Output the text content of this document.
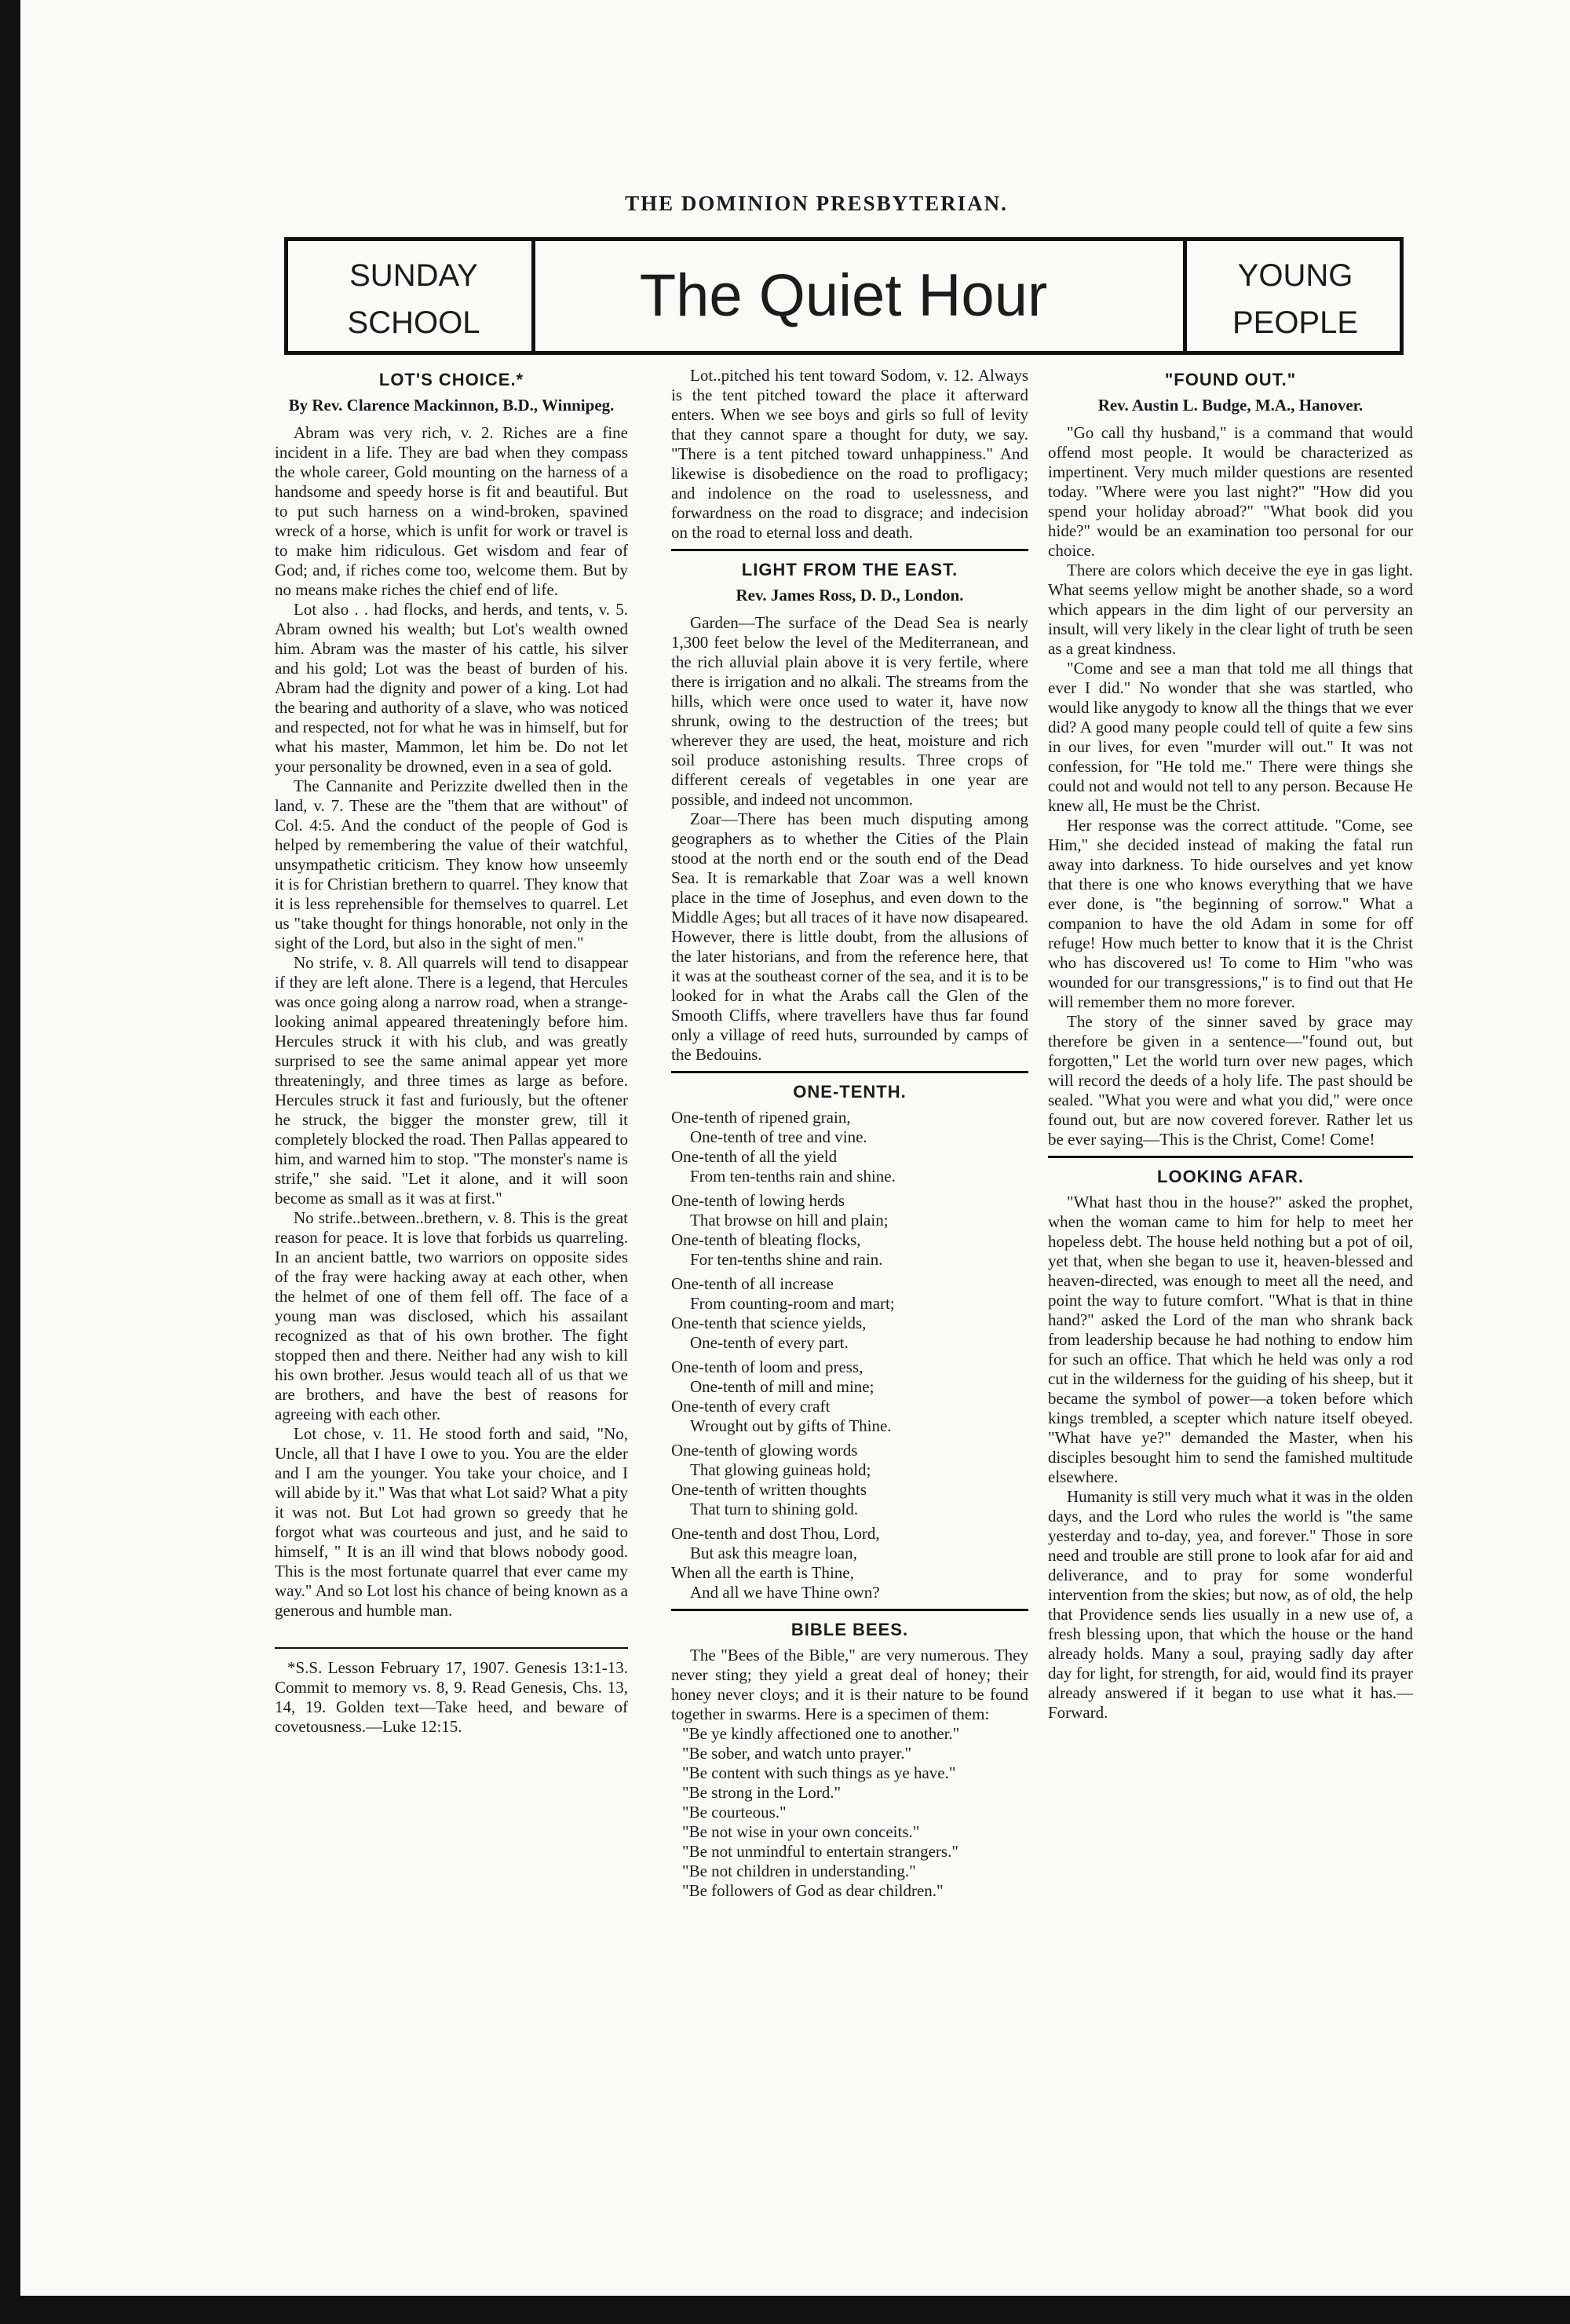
THE DOMINION PRESBYTERIAN.
SUNDAY
SCHOOL	The Quiet Hour	YOUNG
PEOPLE
LOT'S CHOICE.*

By Rev. Clarence Mackinnon, B.D., Winnipeg.

Abram was very rich, v. 2. Riches are a fine incident in a life. They are bad when they compass the whole career, Gold mounting on the harness of a handsome and speedy horse is fit and beautiful. But to put such harness on a wind-broken, spavined wreck of a horse, which is unfit for work or travel is to make him ridiculous. Get wisdom and fear of God; and, if riches come too, welcome them. But by no means make riches the chief end of life.

Lot also . . had flocks, and herds, and tents, v. 5. Abram owned his wealth; but Lot's wealth owned him. Abram was the master of his cattle, his silver and his gold; Lot was the beast of burden of his. Abram had the dignity and power of a king. Lot had the bearing and authority of a slave, who was noticed and respected, not for what he was in himself, but for what his master, Mammon, let him be. Do not let your personality be drowned, even in a sea of gold.

The Cannanite and Perizzite dwelled then in the land, v. 7. These are the "them that are without" of Col. 4:5. And the conduct of the people of God is helped by remembering the value of their watchful, unsympathetic criticism. They know how unseemly it is for Christian brethern to quarrel. They know that it is less reprehensible for themselves to quarrel. Let us "take thought for things honorable, not only in the sight of the Lord, but also in the sight of men."

No strife, v. 8. All quarrels will tend to disappear if they are left alone. There is a legend, that Hercules was once going along a narrow road, when a strange-looking animal appeared threateningly before him. Hercules struck it with his club, and was greatly surprised to see the same animal appear yet more threateningly, and three times as large as before. Hercules struck it fast and furiously, but the oftener he struck, the bigger the monster grew, till it completely blocked the road. Then Pallas appeared to him, and warned him to stop. "The monster's name is strife," she said. "Let it alone, and it will soon become as small as it was at first."

No strife..between..brethern, v. 8. This is the great reason for peace. It is love that forbids us quarreling. In an ancient battle, two warriors on opposite sides of the fray were hacking away at each other, when the helmet of one of them fell off. The face of a young man was disclosed, which his assailant recognized as that of his own brother. The fight stopped then and there. Neither had any wish to kill his own brother. Jesus would teach all of us that we are brothers, and have the best of reasons for agreeing with each other.

Lot chose, v. 11. He stood forth and said, "No, Uncle, all that I have I owe to you. You are the elder and I am the younger. You take your choice, and I will abide by it." Was that what Lot said? What a pity it was not. But Lot had grown so greedy that he forgot what was courteous and just, and he said to himself, " It is an ill wind that blows nobody good. This is the most fortunate quarrel that ever came my way." And so Lot lost his chance of being known as a generous and humble man.

*S.S. Lesson February 17, 1907. Genesis 13:1-13. Commit to memory vs. 8, 9. Read Genesis, Chs. 13, 14, 19. Golden text—Take heed, and beware of covetousness.—Luke 12:15.

Lot..pitched his tent toward Sodom, v. 12. Always is the tent pitched toward the place it afterward enters. When we see boys and girls so full of levity that they cannot spare a thought for duty, we say. "There is a tent pitched toward unhappiness." And likewise is disobedience on the road to profligacy; and indolence on the road to uselessness, and forwardness on the road to disgrace; and indecision on the road to eternal loss and death.

LIGHT FROM THE EAST.

Rev. James Ross, D. D., London.

Garden—The surface of the Dead Sea is nearly 1,300 feet below the level of the Mediterranean, and the rich alluvial plain above it is very fertile, where there is irrigation and no alkali. The streams from the hills, which were once used to water it, have now shrunk, owing to the destruction of the trees; but wherever they are used, the heat, moisture and rich soil produce astonishing results. Three crops of different cereals of vegetables in one year are possible, and indeed not uncommon.

Zoar—There has been much disputing among geographers as to whether the Cities of the Plain stood at the north end or the south end of the Dead Sea. It is remarkable that Zoar was a well known place in the time of Josephus, and even down to the Middle Ages; but all traces of it have now disapeared. However, there is little doubt, from the allusions of the later historians, and from the reference here, that it was at the southeast corner of the sea, and it is to be looked for in what the Arabs call the Glen of the Smooth Cliffs, where travellers have thus far found only a village of reed huts, surrounded by camps of the Bedouins.

ONE-TENTH.
One-tenth of ripened grain,
One-tenth of tree and vine.
One-tenth of all the yield
From ten-tenths rain and shine.
One-tenth of lowing herds
That browse on hill and plain;
One-tenth of bleating flocks,
For ten-tenths shine and rain.
One-tenth of all increase
From counting-room and mart;
One-tenth that science yields,
One-tenth of every part.
One-tenth of loom and press,
One-tenth of mill and mine;
One-tenth of every craft
Wrought out by gifts of Thine.
One-tenth of glowing words
That glowing guineas hold;
One-tenth of written thoughts
That turn to shining gold.
One-tenth and dost Thou, Lord,
But ask this meagre loan,
When all the earth is Thine,
And all we have Thine own?
BIBLE BEES.

The "Bees of the Bible," are very numerous. They never sting; they yield a great deal of honey; their honey never cloys; and it is their nature to be found together in swarms. Here is a specimen of them:

"Be ye kindly affectioned one to another."

"Be sober, and watch unto prayer."

"Be content with such things as ye have."

"Be strong in the Lord."

"Be courteous."

"Be not wise in your own conceits."

"Be not unmindful to entertain strangers."

"Be not children in understanding."

"Be followers of God as dear children."

"FOUND OUT."

Rev. Austin L. Budge, M.A., Hanover.

"Go call thy husband," is a command that would offend most people. It would be characterized as impertinent. Very much milder questions are resented today. "Where were you last night?" "How did you spend your holiday abroad?" "What book did you hide?" would be an examination too personal for our choice.

There are colors which deceive the eye in gas light. What seems yellow might be another shade, so a word which appears in the dim light of our perversity an insult, will very likely in the clear light of truth be seen as a great kindness.

"Come and see a man that told me all things that ever I did." No wonder that she was startled, who would like anygody to know all the things that we ever did? A good many people could tell of quite a few sins in our lives, for even "murder will out." It was not confession, for "He told me." There were things she could not and would not tell to any person. Because He knew all, He must be the Christ.

Her response was the correct attitude. "Come, see Him," she decided instead of making the fatal run away into darkness. To hide ourselves and yet know that there is one who knows everything that we have ever done, is "the beginning of sorrow." What a companion to have the old Adam in some for off refuge! How much better to know that it is the Christ who has discovered us! To come to Him "who was wounded for our transgressions," is to find out that He will remember them no more forever.

The story of the sinner saved by grace may therefore be given in a sentence—"found out, but forgotten," Let the world turn over new pages, which will record the deeds of a holy life. The past should be sealed. "What you were and what you did," were once found out, but are now covered forever. Rather let us be ever saying—This is the Christ, Come! Come!

LOOKING AFAR.

"What hast thou in the house?" asked the prophet, when the woman came to him for help to meet her hopeless debt. The house held nothing but a pot of oil, yet that, when she began to use it, heaven-blessed and heaven-directed, was enough to meet all the need, and point the way to future comfort. "What is that in thine hand?" asked the Lord of the man who shrank back from leadership because he had nothing to endow him for such an office. That which he held was only a rod cut in the wilderness for the guiding of his sheep, but it became the symbol of power—a token before which kings trembled, a scepter which nature itself obeyed. "What have ye?" demanded the Master, when his disciples besought him to send the famished multitude elsewhere.

Humanity is still very much what it was in the olden days, and the Lord who rules the world is "the same yesterday and to-day, yea, and forever." Those in sore need and trouble are still prone to look afar for aid and deliverance, and to pray for some wonderful intervention from the skies; but now, as of old, the help that Providence sends lies usually in a new use of, a fresh blessing upon, that which the house or the hand already holds. Many a soul, praying sadly day after day for light, for strength, for aid, would find its prayer already answered if it began to use what it has.—Forward.
